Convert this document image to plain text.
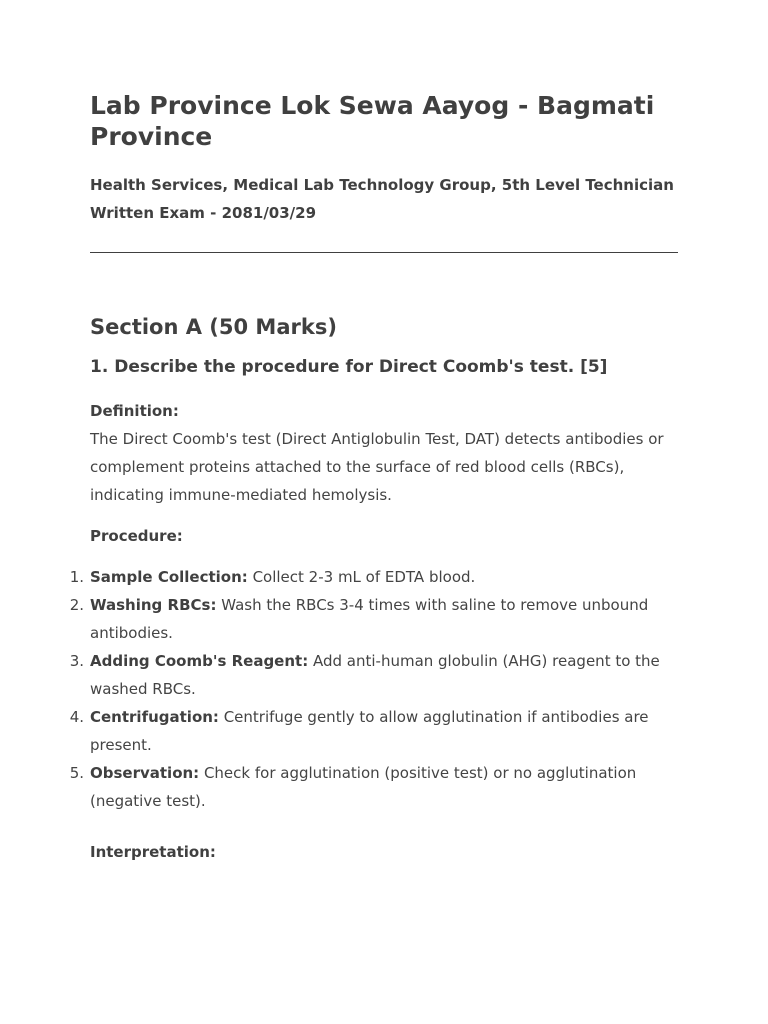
Lab Province Lok Sewa Aayog - Bagmati Province
Health Services, Medical Lab Technology Group, 5th Level Technician
Written Exam - 2081/03/29
Section A (50 Marks)
1. Describe the procedure for Direct Coomb's test. [5]
Definition:

The Direct Coomb's test (Direct Antiglobulin Test, DAT) detects antibodies or complement proteins attached to the surface of red blood cells (RBCs), indicating immune-mediated hemolysis.

Procedure:
1. Sample Collection: Collect 2-3 mL of EDTA blood.
2. Washing RBCs: Wash the RBCs 3-4 times with saline to remove unbound antibodies.
3. Adding Coomb's Reagent: Add anti-human globulin (AHG) reagent to the washed RBCs.
4. Centrifugation: Centrifuge gently to allow agglutination if antibodies are present.
5. Observation: Check for agglutination (positive test) or no agglutination (negative test).
Interpretation:
